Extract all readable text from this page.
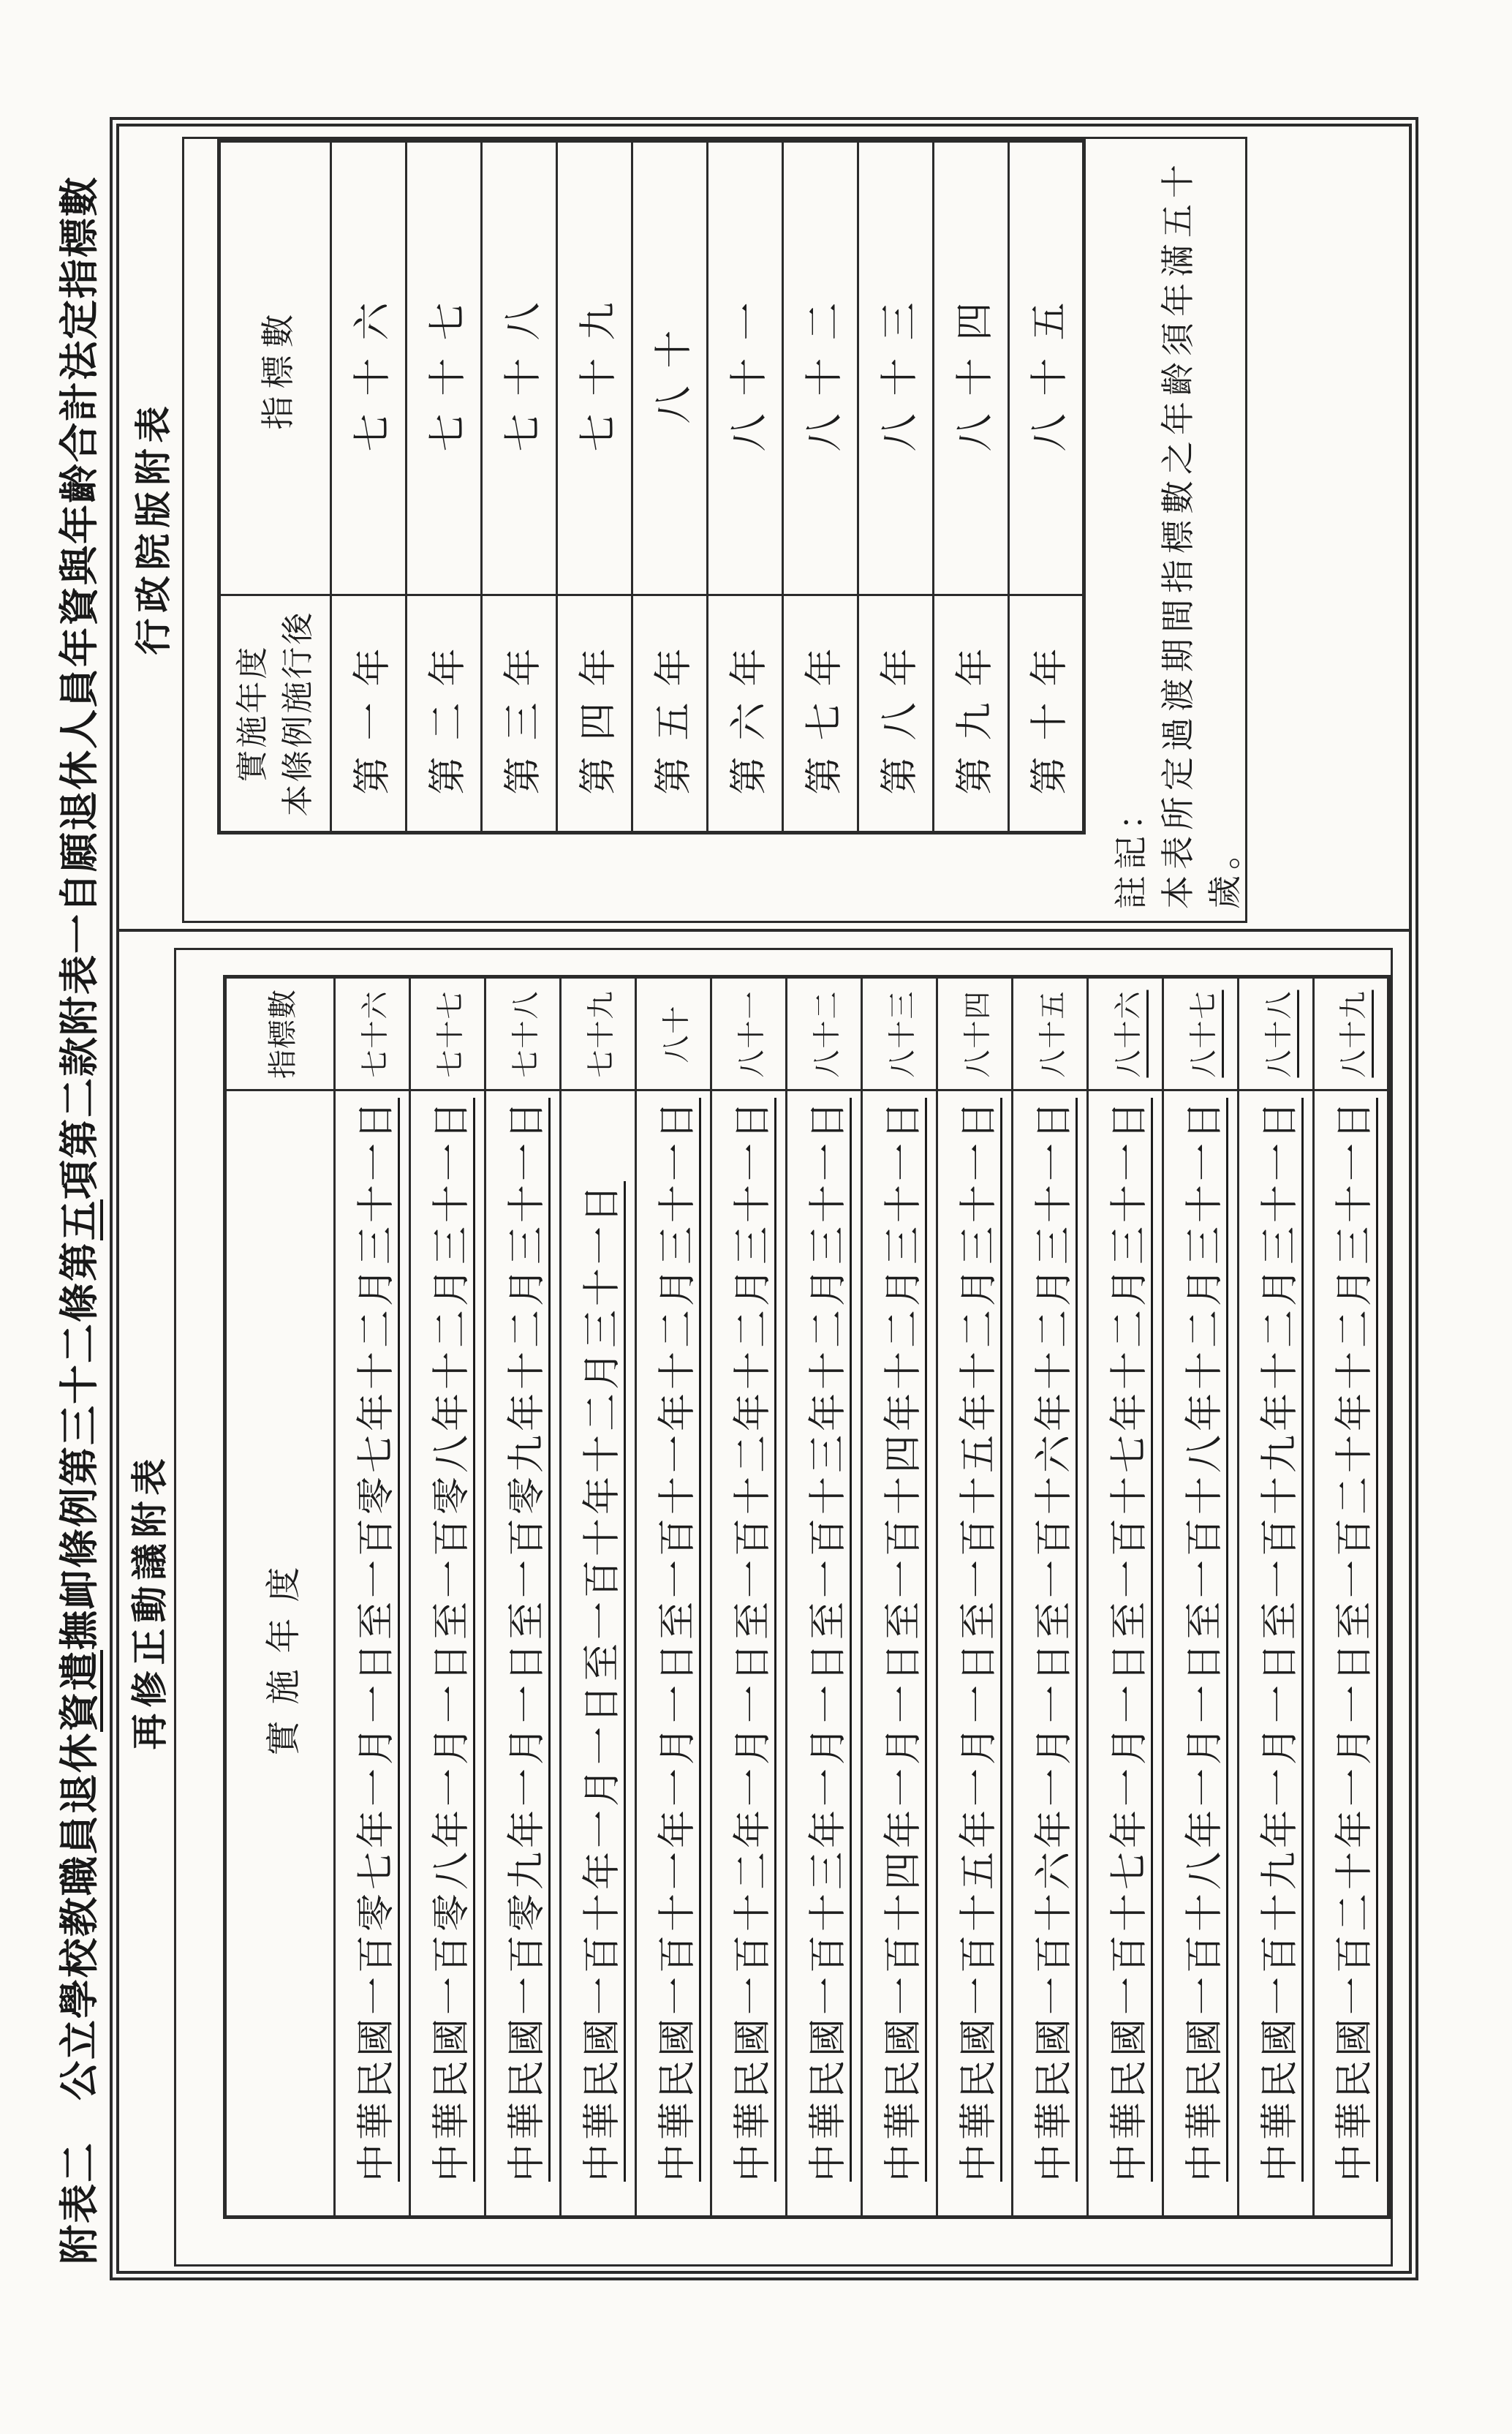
附表二　公立學校教職員退休資遣撫卹條例第三十二條第五項第二款附表一自願退休人員年資與年齡合計法定指標數
再修正動議附表	實施年度	指標數
中華民國一百零七年一月一日至一百零七年十二月三十一日	七十六
中華民國一百零八年一月一日至一百零八年十二月三十一日	七十七
中華民國一百零九年一月一日至一百零九年十二月三十一日	七十八
中華民國一百十年一月一日至一百十年十二月三十一日	七十九
中華民國一百十一年一月一日至一百十一年十二月三十一日	八十
中華民國一百十二年一月一日至一百十二年十二月三十一日	八十一
中華民國一百十三年一月一日至一百十三年十二月三十一日	八十二
中華民國一百十四年一月一日至一百十四年十二月三十一日	八十三
中華民國一百十五年一月一日至一百十五年十二月三十一日	八十四
中華民國一百十六年一月一日至一百十六年十二月三十一日	八十五
中華民國一百十七年一月一日至一百十七年十二月三十一日	八十六
中華民國一百十八年一月一日至一百十八年十二月三十一日	八十七
中華民國一百十九年一月一日至一百十九年十二月三十一日	八十八
中華民國一百二十年一月一日至一百二十年十二月三十一日	八十九
行政院版附表
實施年度 本條例施行後	指標數
第一年	七十六
第二年	七十七
第三年	七十八
第四年	七十九
第五年	八十
第六年	八十一
第七年	八十二
第八年	八十三
第九年	八十四
第十年	八十五
註記： 本表所定過渡期間指標數之年齡須年滿五十 歲。
